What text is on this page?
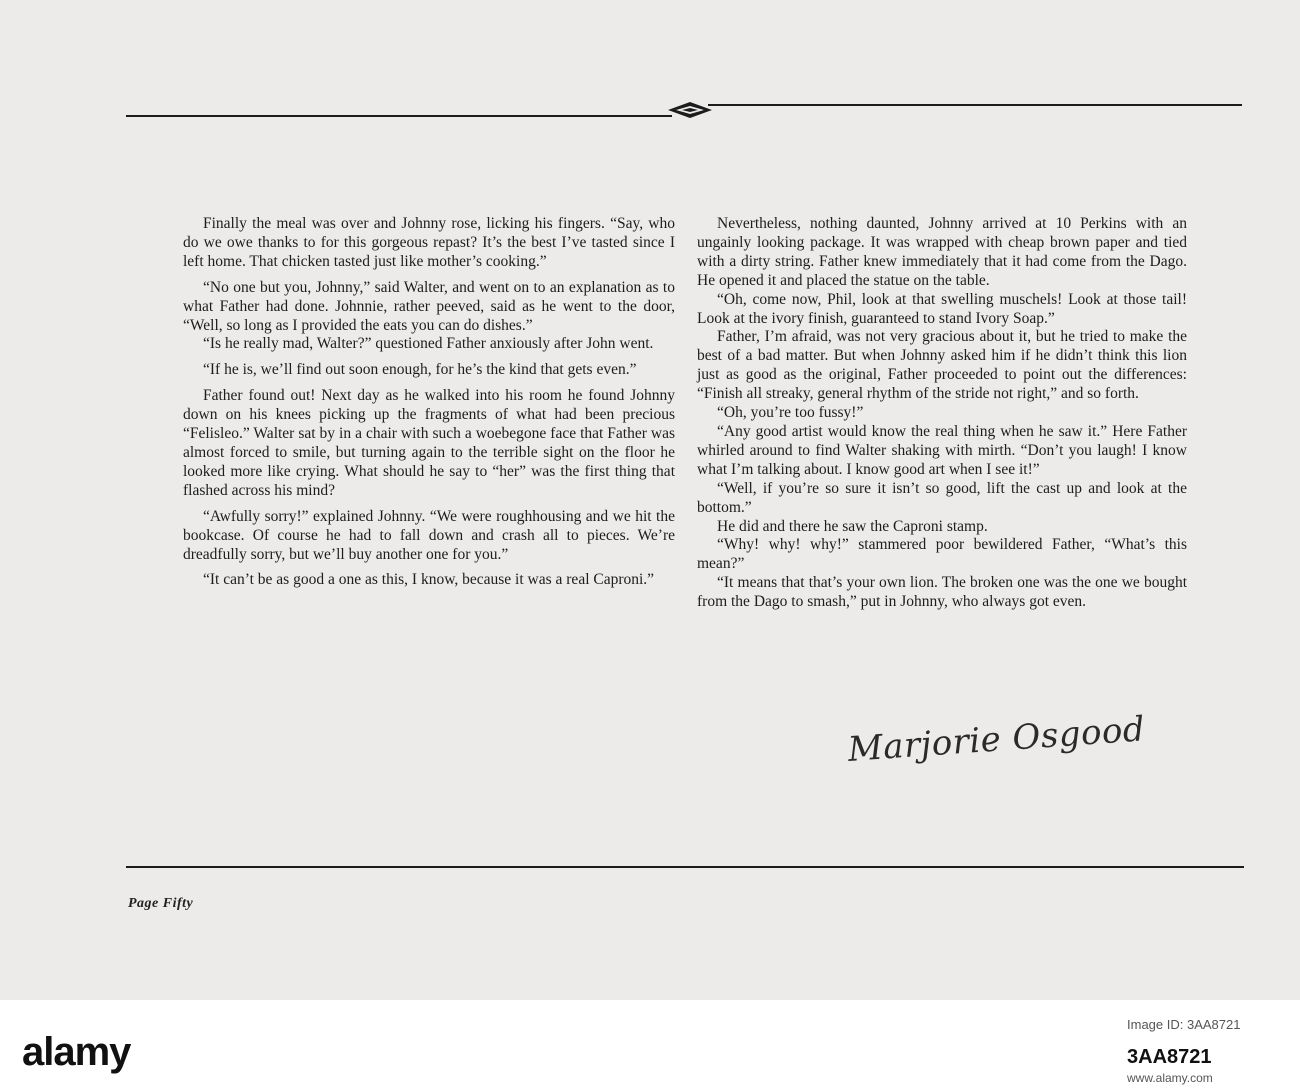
Finally the meal was over and Johnny rose, licking his fingers. “Say, who do we owe thanks to for this gorgeous repast? It’s the best I’ve tasted since I left home. That chicken tasted just like mother’s cooking.”

“No one but you, Johnny,” said Walter, and went on to an explanation as to what Father had done. Johnnie, rather peeved, said as he went to the door, “Well, so long as I provided the eats you can do dishes.”

“Is he really mad, Walter?” questioned Father anxiously after John went.

“If he is, we’ll find out soon enough, for he’s the kind that gets even.”

Father found out! Next day as he walked into his room he found Johnny down on his knees picking up the fragments of what had been precious “Felisleo.” Walter sat by in a chair with such a woebegone face that Father was almost forced to smile, but turning again to the terrible sight on the floor he looked more like crying. What should he say to “her” was the first thing that flashed across his mind?

“Awfully sorry!” explained Johnny. “We were roughhousing and we hit the bookcase. Of course he had to fall down and crash all to pieces. We’re dreadfully sorry, but we’ll buy another one for you.”

“It can’t be as good a one as this, I know, because it was a real Caproni.”

Nevertheless, nothing daunted, Johnny arrived at 10 Perkins with an ungainly looking package. It was wrapped with cheap brown paper and tied with a dirty string. Father knew immediately that it had come from the Dago. He opened it and placed the statue on the table.

“Oh, come now, Phil, look at that swelling muschels! Look at those tail! Look at the ivory finish, guaranteed to stand Ivory Soap.”

Father, I’m afraid, was not very gracious about it, but he tried to make the best of a bad matter. But when Johnny asked him if he didn’t think this lion just as good as the original, Father proceeded to point out the differences: “Finish all streaky, general rhythm of the stride not right,” and so forth.

“Oh, you’re too fussy!”

“Any good artist would know the real thing when he saw it.” Here Father whirled around to find Walter shaking with mirth. “Don’t you laugh! I know what I’m talking about. I know good art when I see it!”

“Well, if you’re so sure it isn’t so good, lift the cast up and look at the bottom.”

He did and there he saw the Caproni stamp.

“Why! why! why!” stammered poor bewildered Father, “What’s this mean?”

“It means that that’s your own lion. The broken one was the one we bought from the Dago to smash,” put in Johnny, who always got even.

Marjorie Osgood
Page Fifty
alamy
Image ID: 3AA8721
3AA8721
www.alamy.com
